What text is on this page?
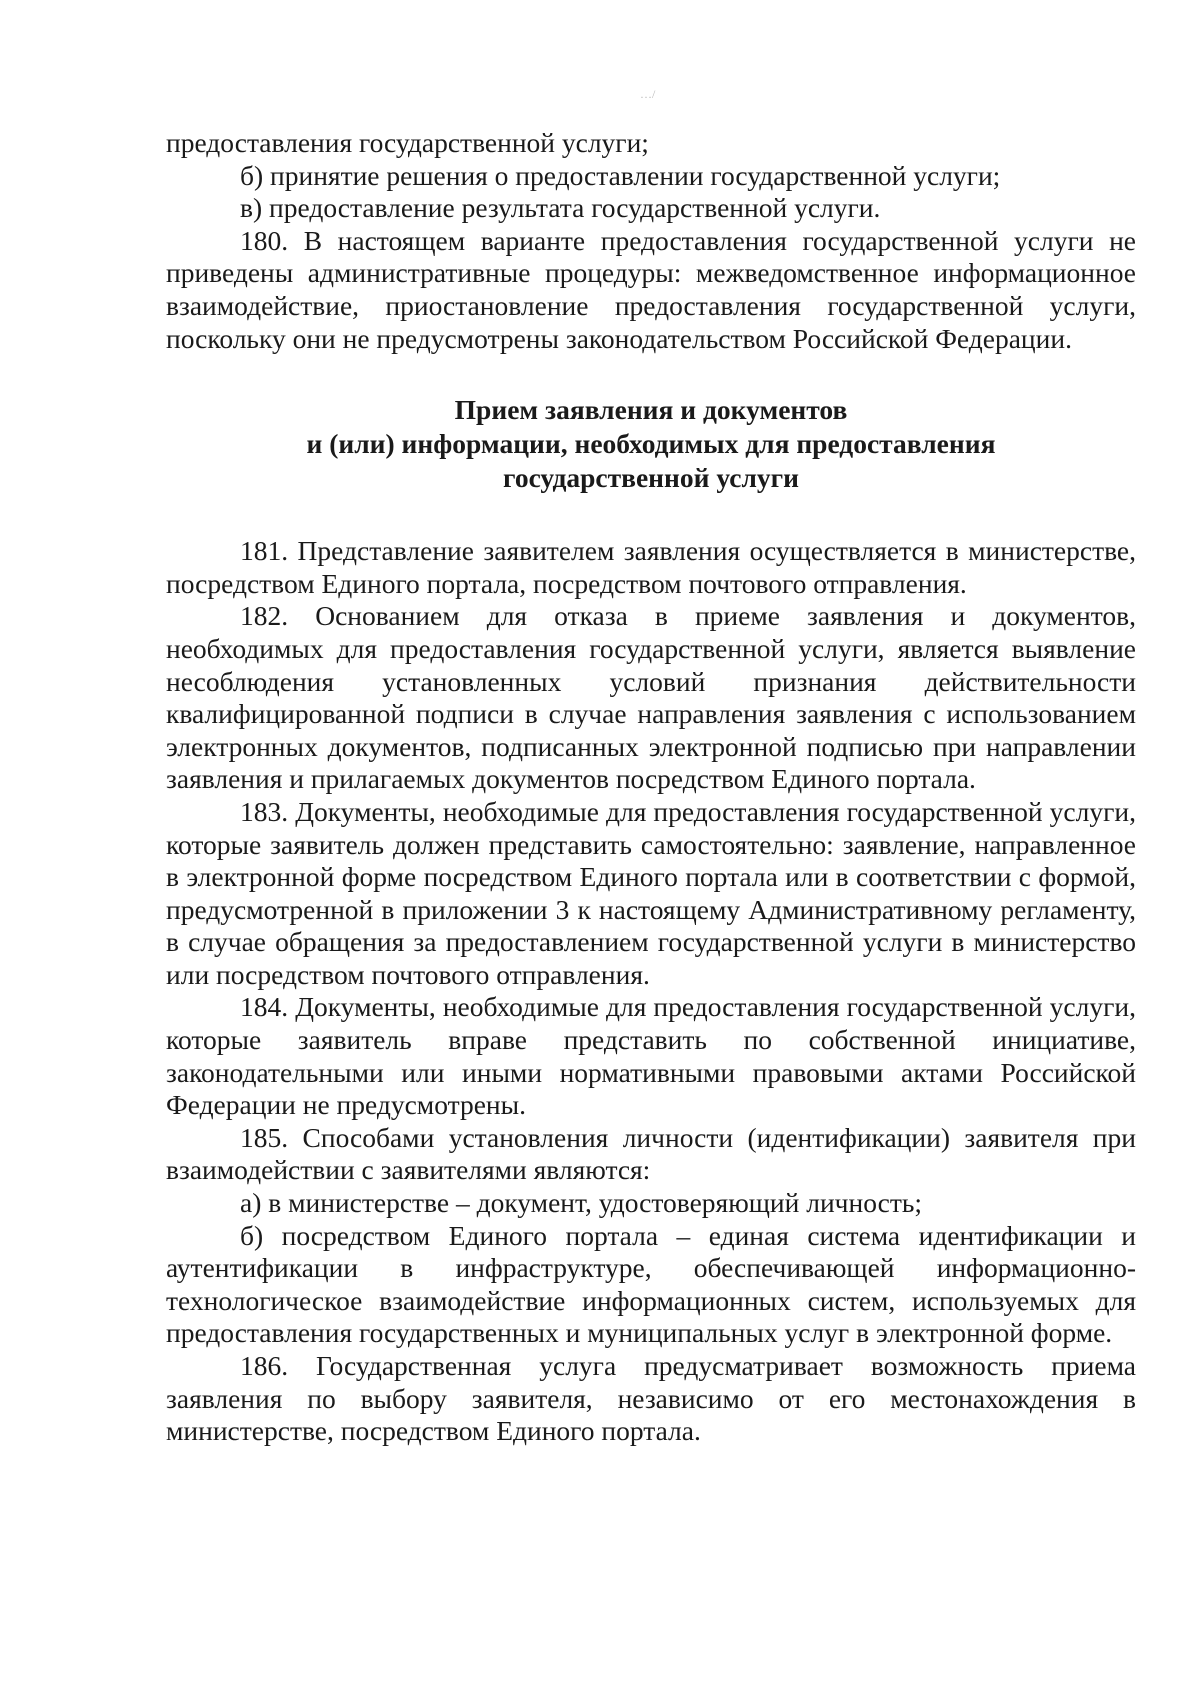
…/

предоставления государственной услуги;

б) принятие решения о предоставлении государственной услуги;

в) предоставление результата государственной услуги.

180. В настоящем варианте предоставления государственной услуги не приведены административные процедуры: межведомственное информационное взаимодействие, приостановление предоставления государственной услуги, поскольку они не предусмотрены законодательством Российской Федерации.

Прием заявления и документов
и (или) информации, необходимых для предоставления
государственной услуги

181. Представление заявителем заявления осуществляется в министерстве, посредством Единого портала, посредством почтового отправления.

182. Основанием для отказа в приеме заявления и документов, необходимых для предоставления государственной услуги, является выявление несоблюдения установленных условий признания действительности квалифицированной подписи в случае направления заявления с использованием электронных документов, подписанных электронной подписью при направлении заявления и прилагаемых документов посредством Единого портала.

183. Документы, необходимые для предоставления государственной услуги, которые заявитель должен представить самостоятельно: заявление, направленное в электронной форме посредством Единого портала или в соответствии с формой, предусмотренной в приложении 3 к настоящему Административному регламенту, в случае обращения за предоставлением государственной услуги в министерство или посредством почтового отправления.

184. Документы, необходимые для предоставления государственной услуги, которые заявитель вправе представить по собственной инициативе, законодательными или иными нормативными правовыми актами Российской Федерации не предусмотрены.

185. Способами установления личности (идентификации) заявителя при взаимодействии с заявителями являются:

а) в министерстве – документ, удостоверяющий личность;

б) посредством Единого портала – единая система идентификации и аутентификации в инфраструктуре, обеспечивающей информационно-технологическое взаимодействие информационных систем, используемых для предоставления государственных и муниципальных услуг в электронной форме.

186. Государственная услуга предусматривает возможность приема заявления по выбору заявителя, независимо от его местонахождения в министерстве, посредством Единого портала.
